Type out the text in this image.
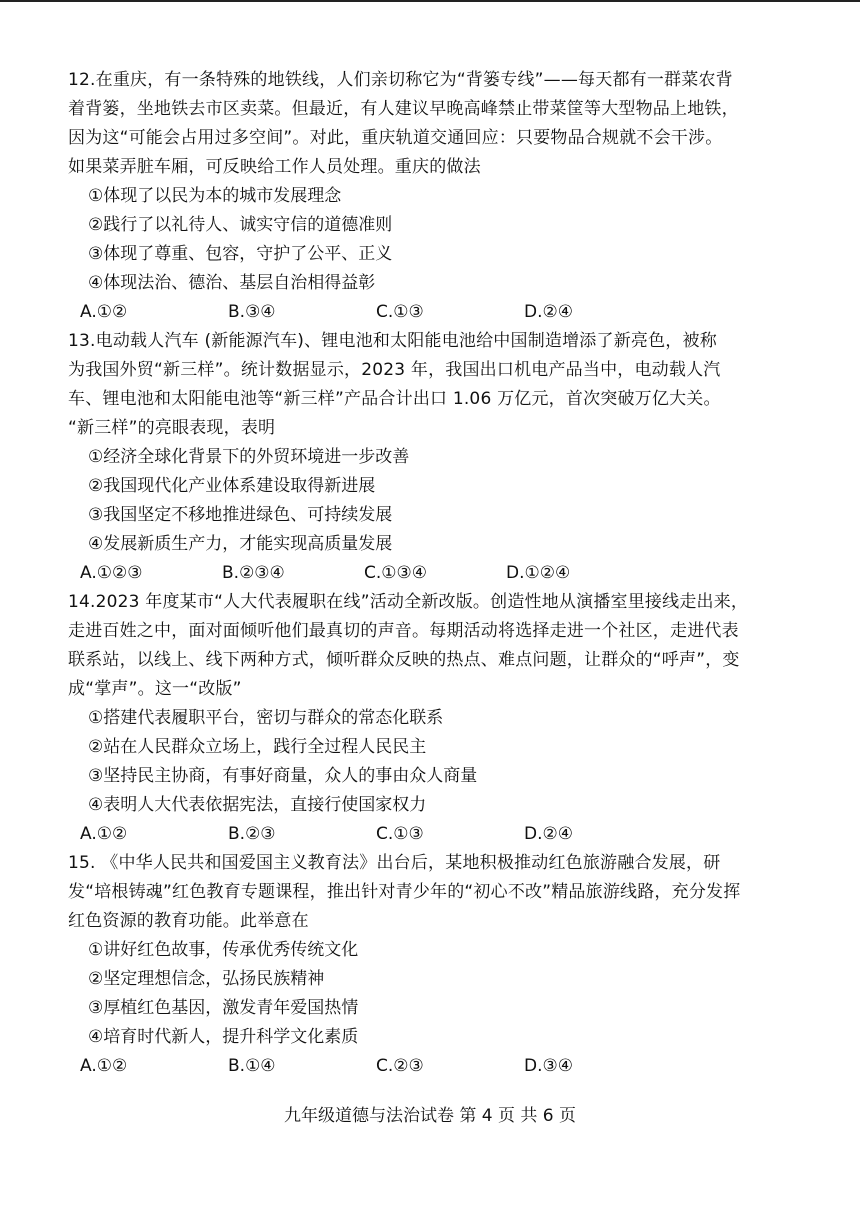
12.在重庆，有一条特殊的地铁线，人们亲切称它为“背篓专线”——每天都有一群菜农背

着背篓，坐地铁去市区卖菜。但最近，有人建议早晚高峰禁止带菜筐等大型物品上地铁，

因为这“可能会占用过多空间”。对此，重庆轨道交通回应：只要物品合规就不会干涉。

如果菜弄脏车厢，可反映给工作人员处理。重庆的做法

①体现了以民为本的城市发展理念

②践行了以礼待人、诚实守信的道德准则

③体现了尊重、包容，守护了公平、正义

④体现法治、德治、基层自治相得益彰

A.①②	B.③④	C.①③	D.②④

13.电动载人汽车 (新能源汽车)、锂电池和太阳能电池给中国制造增添了新亮色，被称

为我国外贸“新三样”。统计数据显示，2023 年，我国出口机电产品当中，电动载人汽

车、锂电池和太阳能电池等“新三样”产品合计出口 1.06 万亿元，首次突破万亿大关。

“新三样”的亮眼表现，表明

①经济全球化背景下的外贸环境进一步改善

②我国现代化产业体系建设取得新进展

③我国坚定不移地推进绿色、可持续发展

④发展新质生产力，才能实现高质量发展

A.①②③	B.②③④	C.①③④	D.①②④

14.2023 年度某市“人大代表履职在线”活动全新改版。创造性地从演播室里接线走出来，

走进百姓之中，面对面倾听他们最真切的声音。每期活动将选择走进一个社区，走进代表

联系站，以线上、线下两种方式，倾听群众反映的热点、难点问题，让群众的“呼声”，变

成“掌声”。这一“改版”

①搭建代表履职平台，密切与群众的常态化联系

②站在人民群众立场上，践行全过程人民民主

③坚持民主协商，有事好商量，众人的事由众人商量

④表明人大代表依据宪法，直接行使国家权力

A.①②	B.②③	C.①③	D.②④

15. 《中华人民共和国爱国主义教育法》出台后，某地积极推动红色旅游融合发展，研

发“培根铸魂”红色教育专题课程，推出针对青少年的“初心不改”精品旅游线路，充分发挥

红色资源的教育功能。此举意在

①讲好红色故事，传承优秀传统文化

②坚定理想信念，弘扬民族精神

③厚植红色基因，激发青年爱国热情

④培育时代新人，提升科学文化素质

A.①②	B.①④	C.②③	D.③④
九年级道德与法治试卷 第 4 页 共 6 页
